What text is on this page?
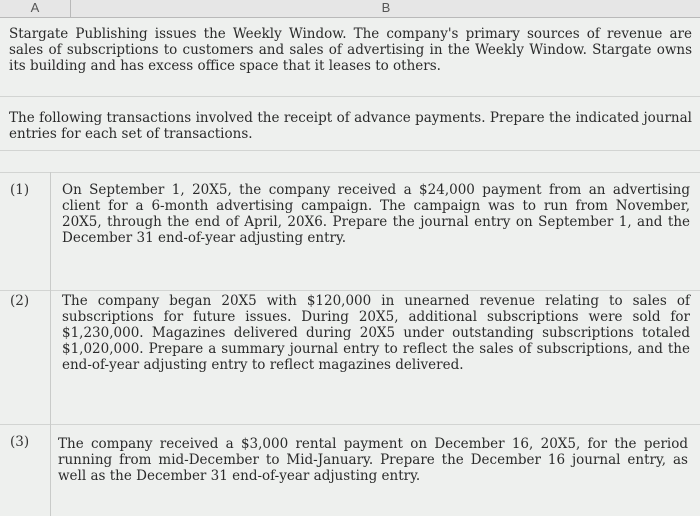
A	B
Stargate Publishing issues the Weekly Window. The company's primary sources of revenue are sales of subscriptions to customers and sales of advertising in the Weekly Window. Stargate owns its building and has excess office space that it leases to others.
The following transactions involved the receipt of advance payments. Prepare the indicated journal entries for each set of transactions.
(1) On September 1, 20X5, the company received a $24,000 payment from an advertising client for a 6-month advertising campaign. The campaign was to run from November, 20X5, through the end of April, 20X6. Prepare the journal entry on September 1, and the December 31 end-of-year adjusting entry.
(2) The company began 20X5 with $120,000 in unearned revenue relating to sales of subscriptions for future issues. During 20X5, additional subscriptions were sold for $1,230,000. Magazines delivered during 20X5 under outstanding subscriptions totaled $1,020,000. Prepare a summary journal entry to reflect the sales of subscriptions, and the end-of-year adjusting entry to reflect magazines delivered.
(3) The company received a $3,000 rental payment on December 16, 20X5, for the period running from mid-December to Mid-January. Prepare the December 16 journal entry, as well as the December 31 end-of-year adjusting entry.
